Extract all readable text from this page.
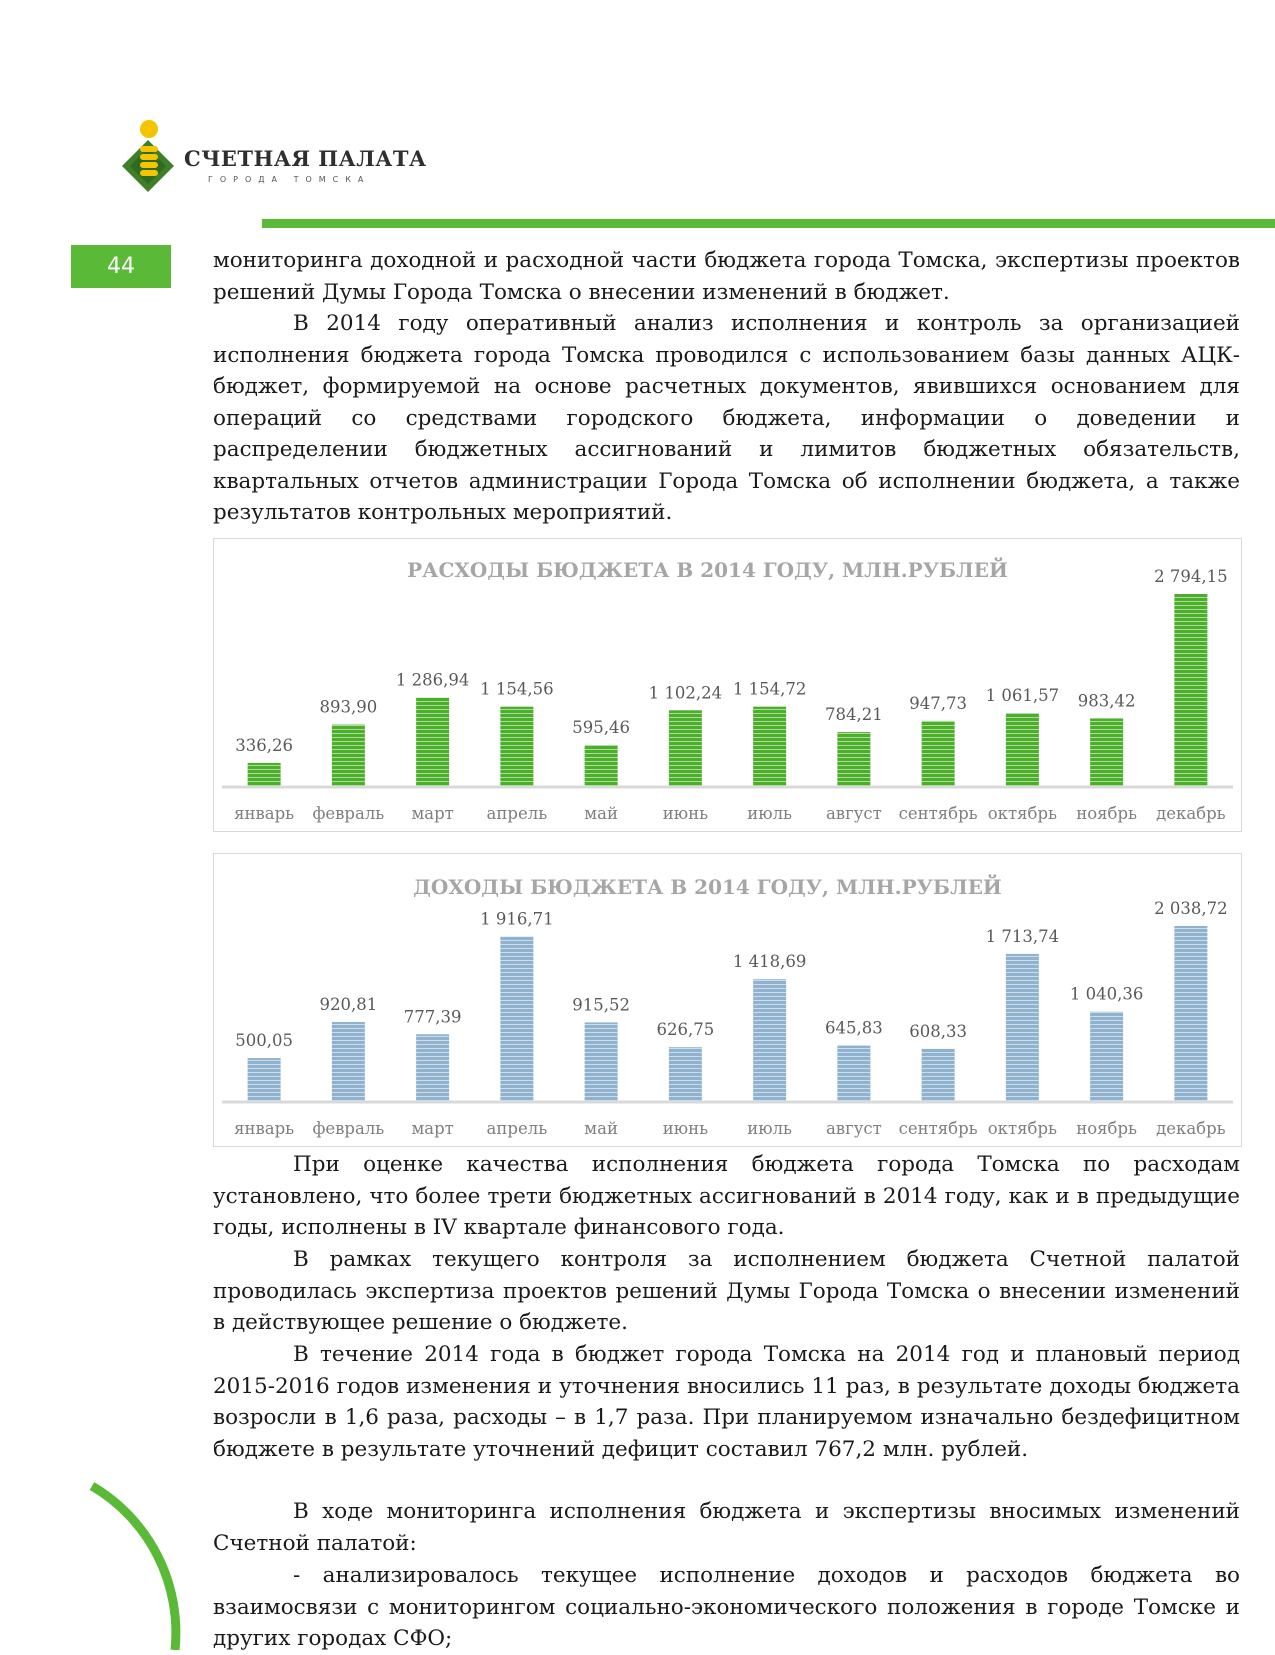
СЧЕТНАЯ ПАЛАТА
ГОРОДА ТОМСКА
44	мониторинга доходной и расходной части бюджета города Томска, экспертизы проектов решений Думы Города Томска о внесении изменений в бюджет.

В 2014 году оперативный анализ исполнения и контроль за организацией исполнения бюджета города Томска проводился с использованием базы данных АЦК-бюджет, формируемой на основе расчетных документов, явившихся основанием для операций со средствами городского бюджета, информации о доведении и распределении бюджетных ассигнований и лимитов бюджетных обязательств, квартальных отчетов администрации Города Томска об исполнении бюджета, а также результатов контрольных мероприятий.

РАСХОДЫ БЮДЖЕТА В 2014 ГОДУ, МЛН.РУБЛЕЙ
336,26
январь
893,90
февраль
1 286,94
март
1 154,56
апрель
595,46
май
1 102,24
июнь
1 154,72
июль
784,21
август
947,73
сентябрь
1 061,57
октябрь
983,42
ноябрь
2 794,15
декабрь
ДОХОДЫ БЮДЖЕТА В 2014 ГОДУ, МЛН.РУБЛЕЙ
500,05
январь
920,81
февраль
777,39
март
1 916,71
апрель
915,52
май
626,75
июнь
1 418,69
июль
645,83
август
608,33
сентябрь
1 713,74
октябрь
1 040,36
ноябрь
2 038,72
декабрь

При оценке качества исполнения бюджета города Томска по расходам установлено, что более трети бюджетных ассигнований в 2014 году, как и в предыдущие годы, исполнены в IV квартале финансового года.

В рамках текущего контроля за исполнением бюджета Счетной палатой проводилась экспертиза проектов решений Думы Города Томска о внесении изменений в действующее решение о бюджете.

В течение 2014 года в бюджет города Томска на 2014 год и плановый период 2015-2016 годов изменения и уточнения вносились 11 раз, в результате доходы бюджета возросли в 1,6 раза, расходы – в 1,7 раза. При планируемом изначально бездефицитном бюджете в результате уточнений дефицит составил 767,2 млн. рублей.

В ходе мониторинга исполнения бюджета и экспертизы вносимых изменений Счетной палатой:

- анализировалось текущее исполнение доходов и расходов бюджета во взаимосвязи с мониторингом социально-экономического положения в городе Томске и других городах СФО;
